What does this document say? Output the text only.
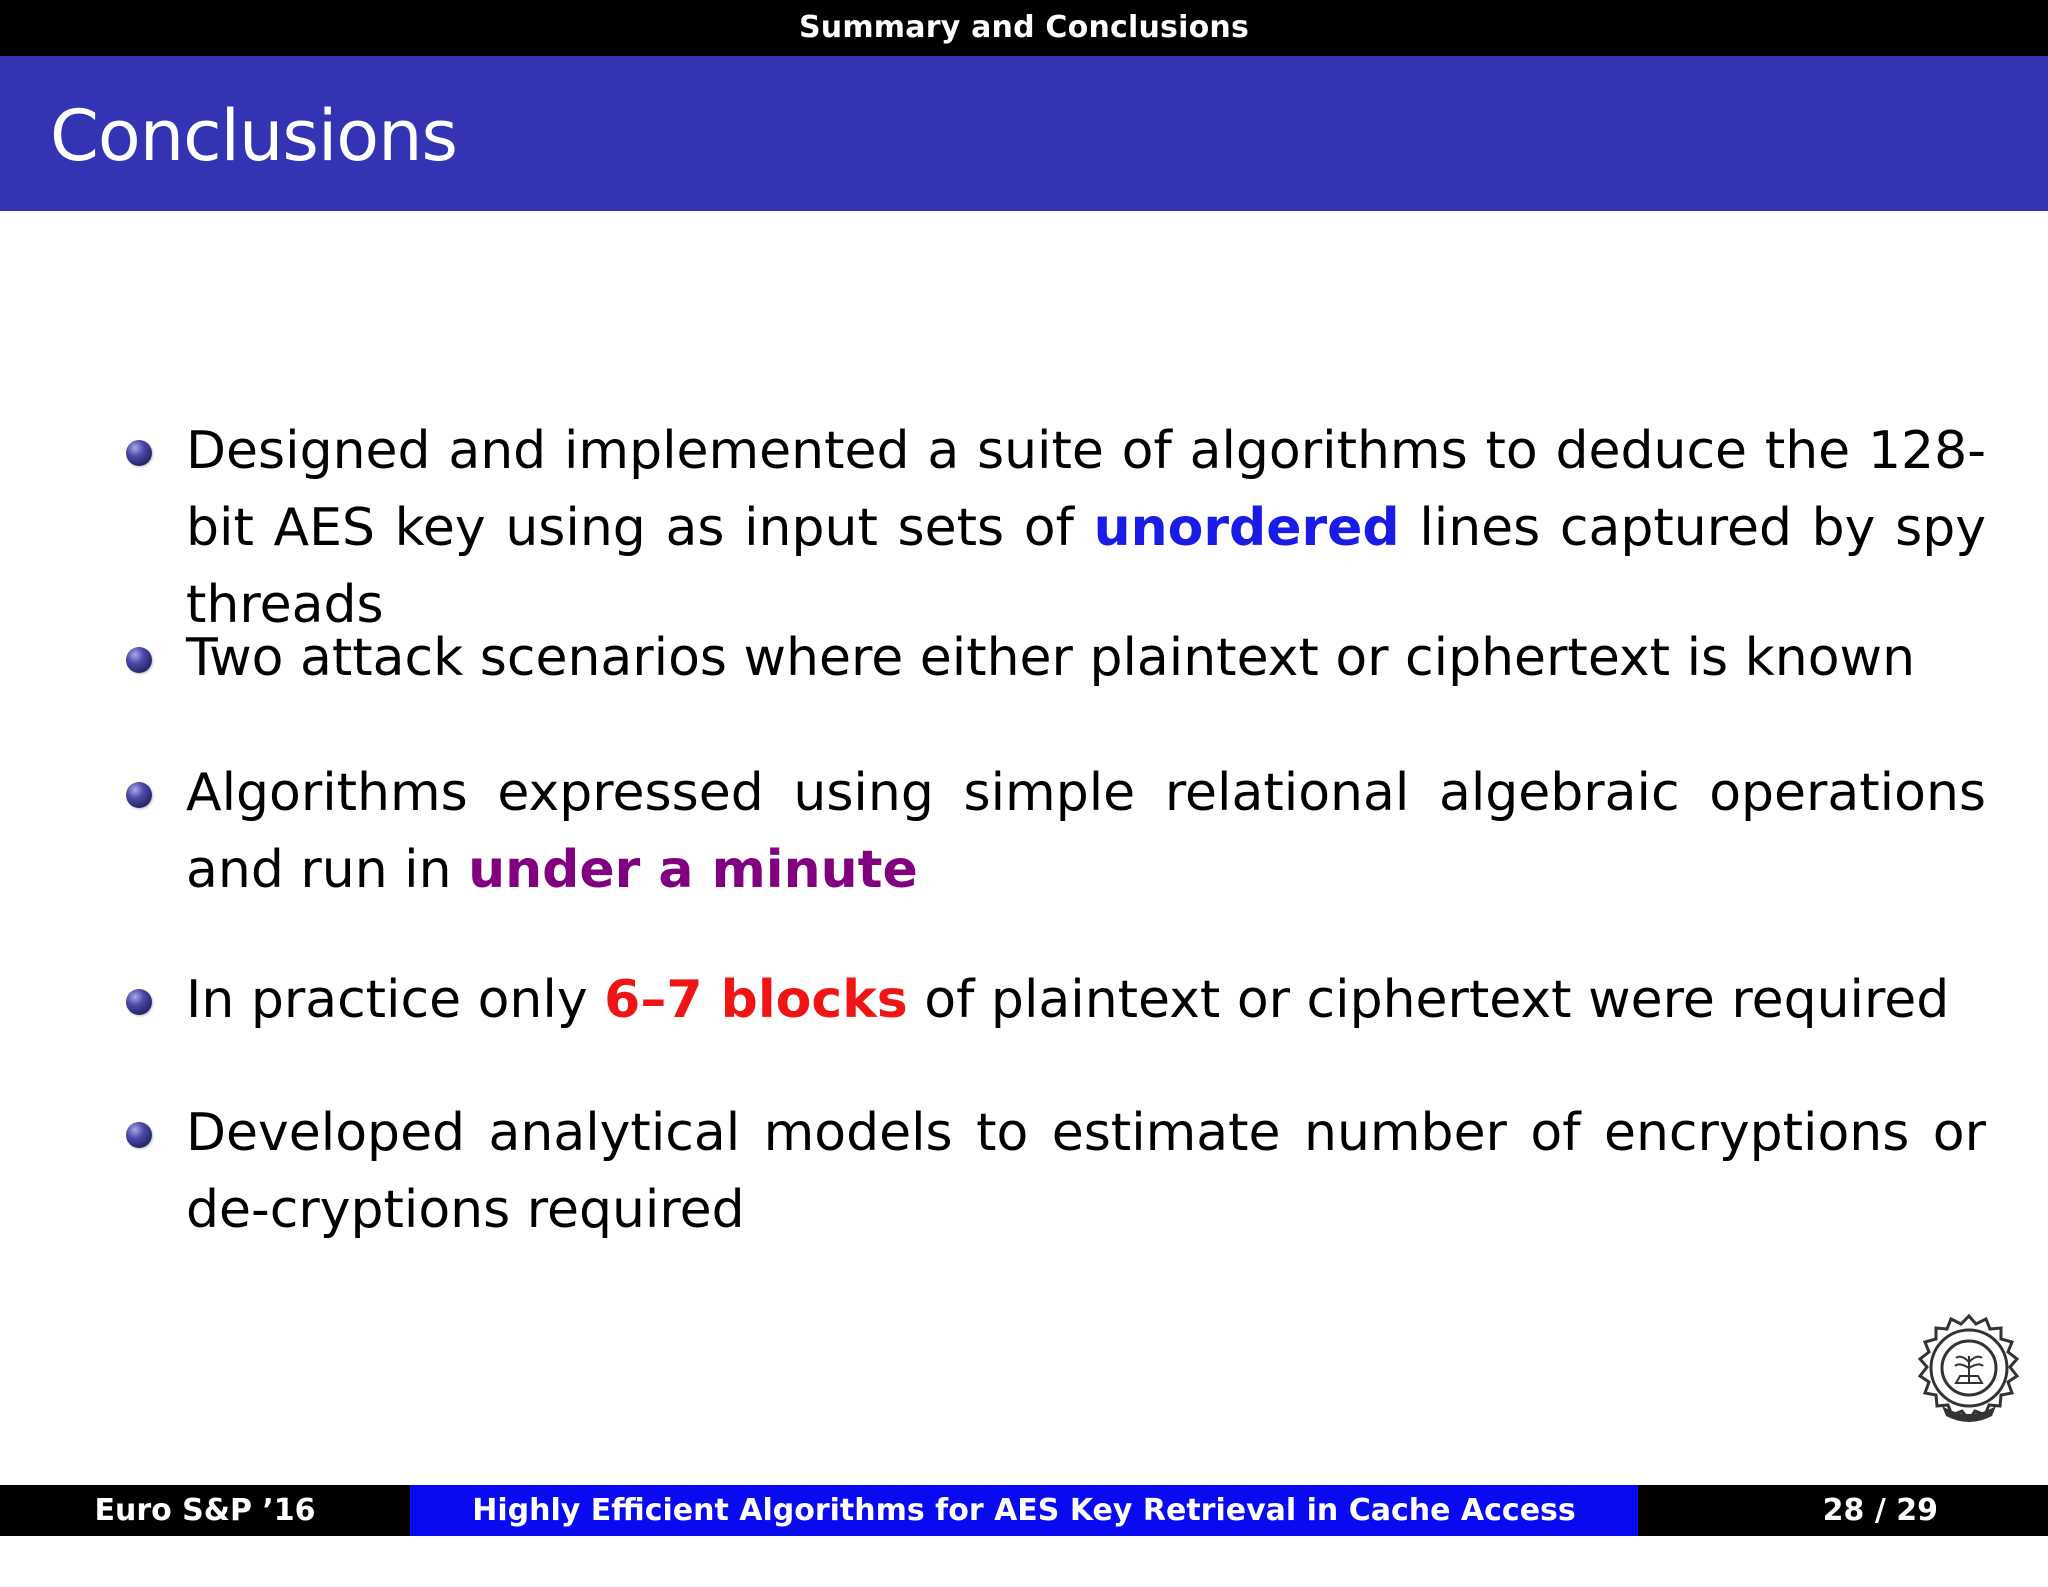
Summary and Conclusions
Conclusions
Designed and implemented a suite of algorithms to deduce the 128-bit AES key using as input sets of unordered lines captured by spy threads
Two attack scenarios where either plaintext or ciphertext is known
Algorithms expressed using simple relational algebraic operations and run in under a minute
In practice only 6–7 blocks of plaintext or ciphertext were required
Developed analytical models to estimate number of encryptions or de-cryptions required
Euro S&P ’16	Highly Efficient Algorithms for AES Key Retrieval in Cache Access Attacks
28 / 29
